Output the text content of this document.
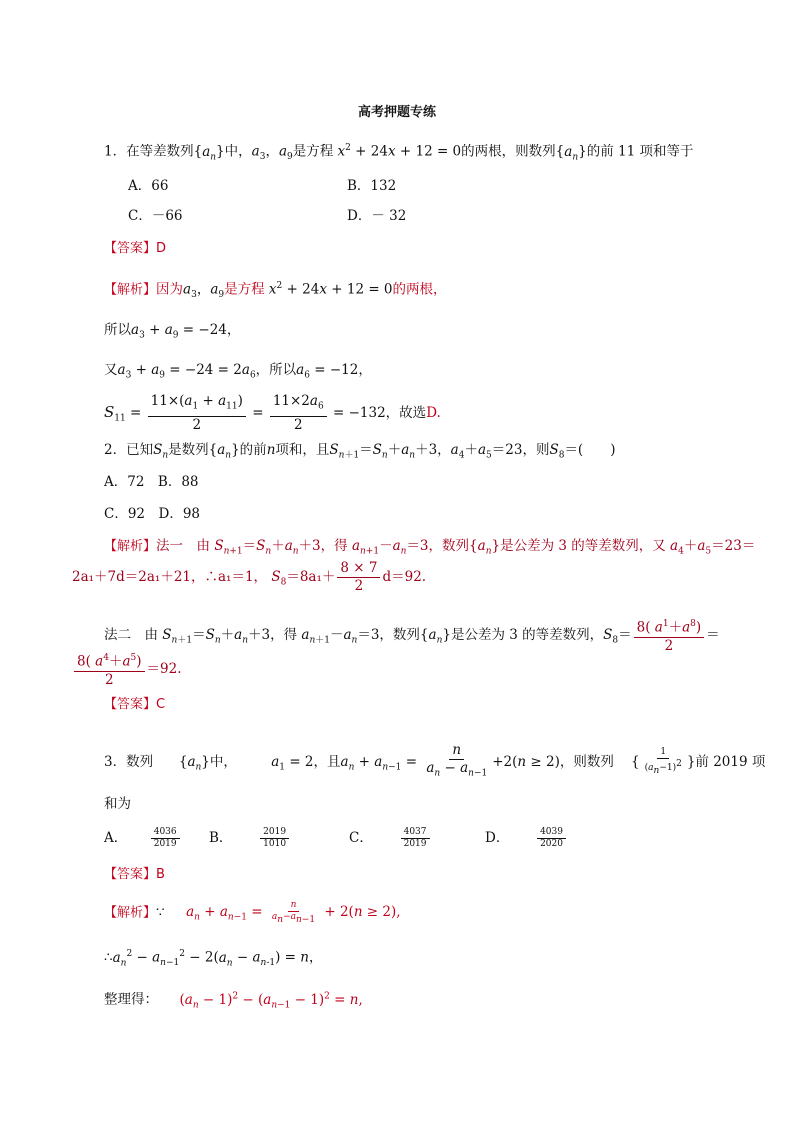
高考押题专练
1．在等差数列$\{a_n\}$中，$a_3$，$a_9$是方程 $x^2 + 24x + 12 = 0$的两根，则数列$\{a_n\}$的前 11 项和等于
A．66	B．132
C．－66	D．－ 32
【答案】D
【解析】因为$a_3$，$a_9$是方程 $x^2 + 24x + 12 = 0$的两根，
所以$a_3 + a_9 = -24$，
又$a_3 + a_9 = -24 = 2a_6$，所以$a_6 = -12$，
$S_{11} = \frac{11\times(a_1 + a_{11})}{2} = \frac{11\times 2a_6}{2} = -132$，故选D.
2．已知$S_n$是数列$\{a_n\}$的前n项和，且$S_{n+1}=S_n+a_n+3$，$a_4+a_5=23$，则$S_8=$(　　)
A．72　B．88
C．92　D．98
【解析】法一　由 $S_{n+1}=S_n+a_n+3$，得 $a_{n+1}-a_n=3$，数列$\{a_n\}$是公差为 3 的等差数列，又 $a_4+a_5=23=$
2a₁＋7d＝2a₁＋21，∴a₁＝1， $S_8=8a_1+ \frac{8 \times 7}{2} d=92$.
法二　由 $S_{n+1}=S_n+a_n+3$，得 $a_{n+1}-a_n=3$，数列$\{a_n\}$是公差为 3 的等差数列，$S_8= \frac{8( a^1+a^8)}{2}$ ＝
$\frac{8( a^4+a^5)}{2} =92$.
【答案】C
3．数列      $\{a_n\}$中，	$a_1 = 2$，且$a_n + a_{n-1} = \frac{n}{a_n - a_{n-1}} +2(n \ge 2)$，则数列    { $\frac{1}{(a_n-1)^2}$ }前 2019 项
和为
A．	$\frac{4036}{2019}$ B．	$\frac{2019}{1010}$	C．	$\frac{4037}{2019}$	D．	$\frac{4039}{2020}$
【答案】B
【解析】∵ $a_n + a_{n-1} = \frac{n}{a_n-a_{n-1}} + 2(n \ge 2)$,
$\therefore a_n^2 - a_{n-1}^2 - 2(a_n - a_{n-1}) = n$，
整理得： $(a_n - 1)^2 - (a_{n-1} - 1)^2 = n$,
